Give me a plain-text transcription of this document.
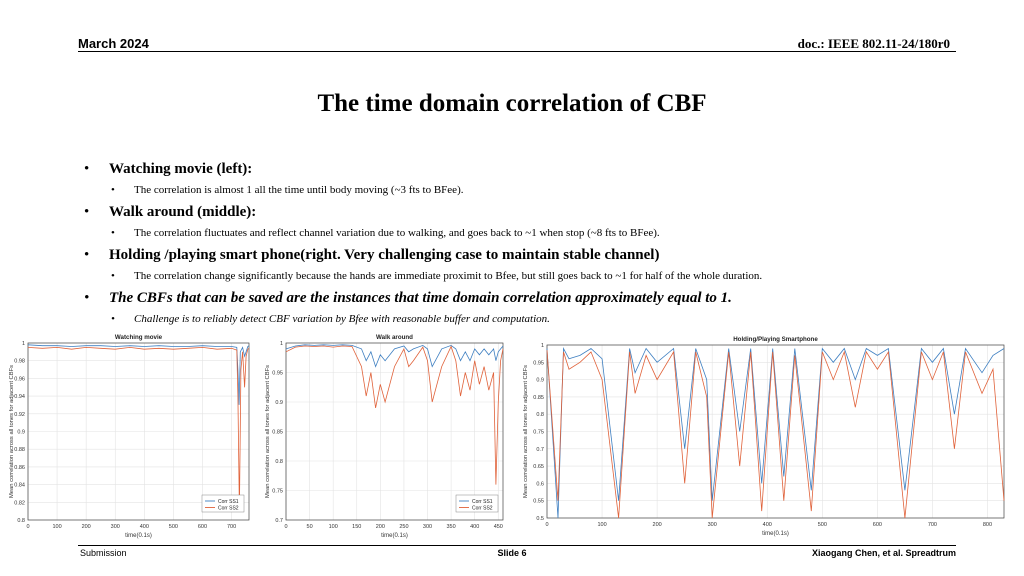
March 2024	doc.: IEEE 802.11-24/180r0
The time domain correlation of CBF
• Watching movie (left):
• The correlation is almost 1 all the time until body moving (~3 fts to BFee).
• Walk around (middle):
• The correlation fluctuates and reflect channel variation due to walking, and goes back to ~1 when stop (~8 fts to BFee).
• Holding /playing smart phone(right. Very challenging case to maintain stable channel)
• The correlation change significantly because the hands are immediate proximit to Bfee, but still goes back to ~1 for half of the whole duration.
• The CBFs that can be saved are the instances that time domain correlation approximately equal to 1.
• Challenge is to reliably detect CBF variation by Bfee with reasonable buffer and computation.
0.8
0.82
0.84
0.86
0.88
0.9
0.92
0.94
0.96
0.98
1
0	100	200	300	400	500	600	700
Watching movie
time(0.1s)
Mean correlation across all tones for adjacent CBFs
Corr SS1
Corr SS2
0.7
0.75
0.8
0.85
0.9
0.95
1
0	50	100	150	200	250	300	350	400	450
Walk around
time(0.1s)
Mean correlation across all tones for adjacent CBFs
Corr SS1
Corr SS2
0.5
0.55
0.6
0.65
0.7
0.75
0.8
0.85
0.9
0.95
1
0	100	200	300	400	500	600	700	800
Holding/Playing Smartphone
time(0.1s)
Mean correlation across all tones for adjacent CBFs
Submission	Slide 6	Xiaogang Chen, et al. Spreadtrum
